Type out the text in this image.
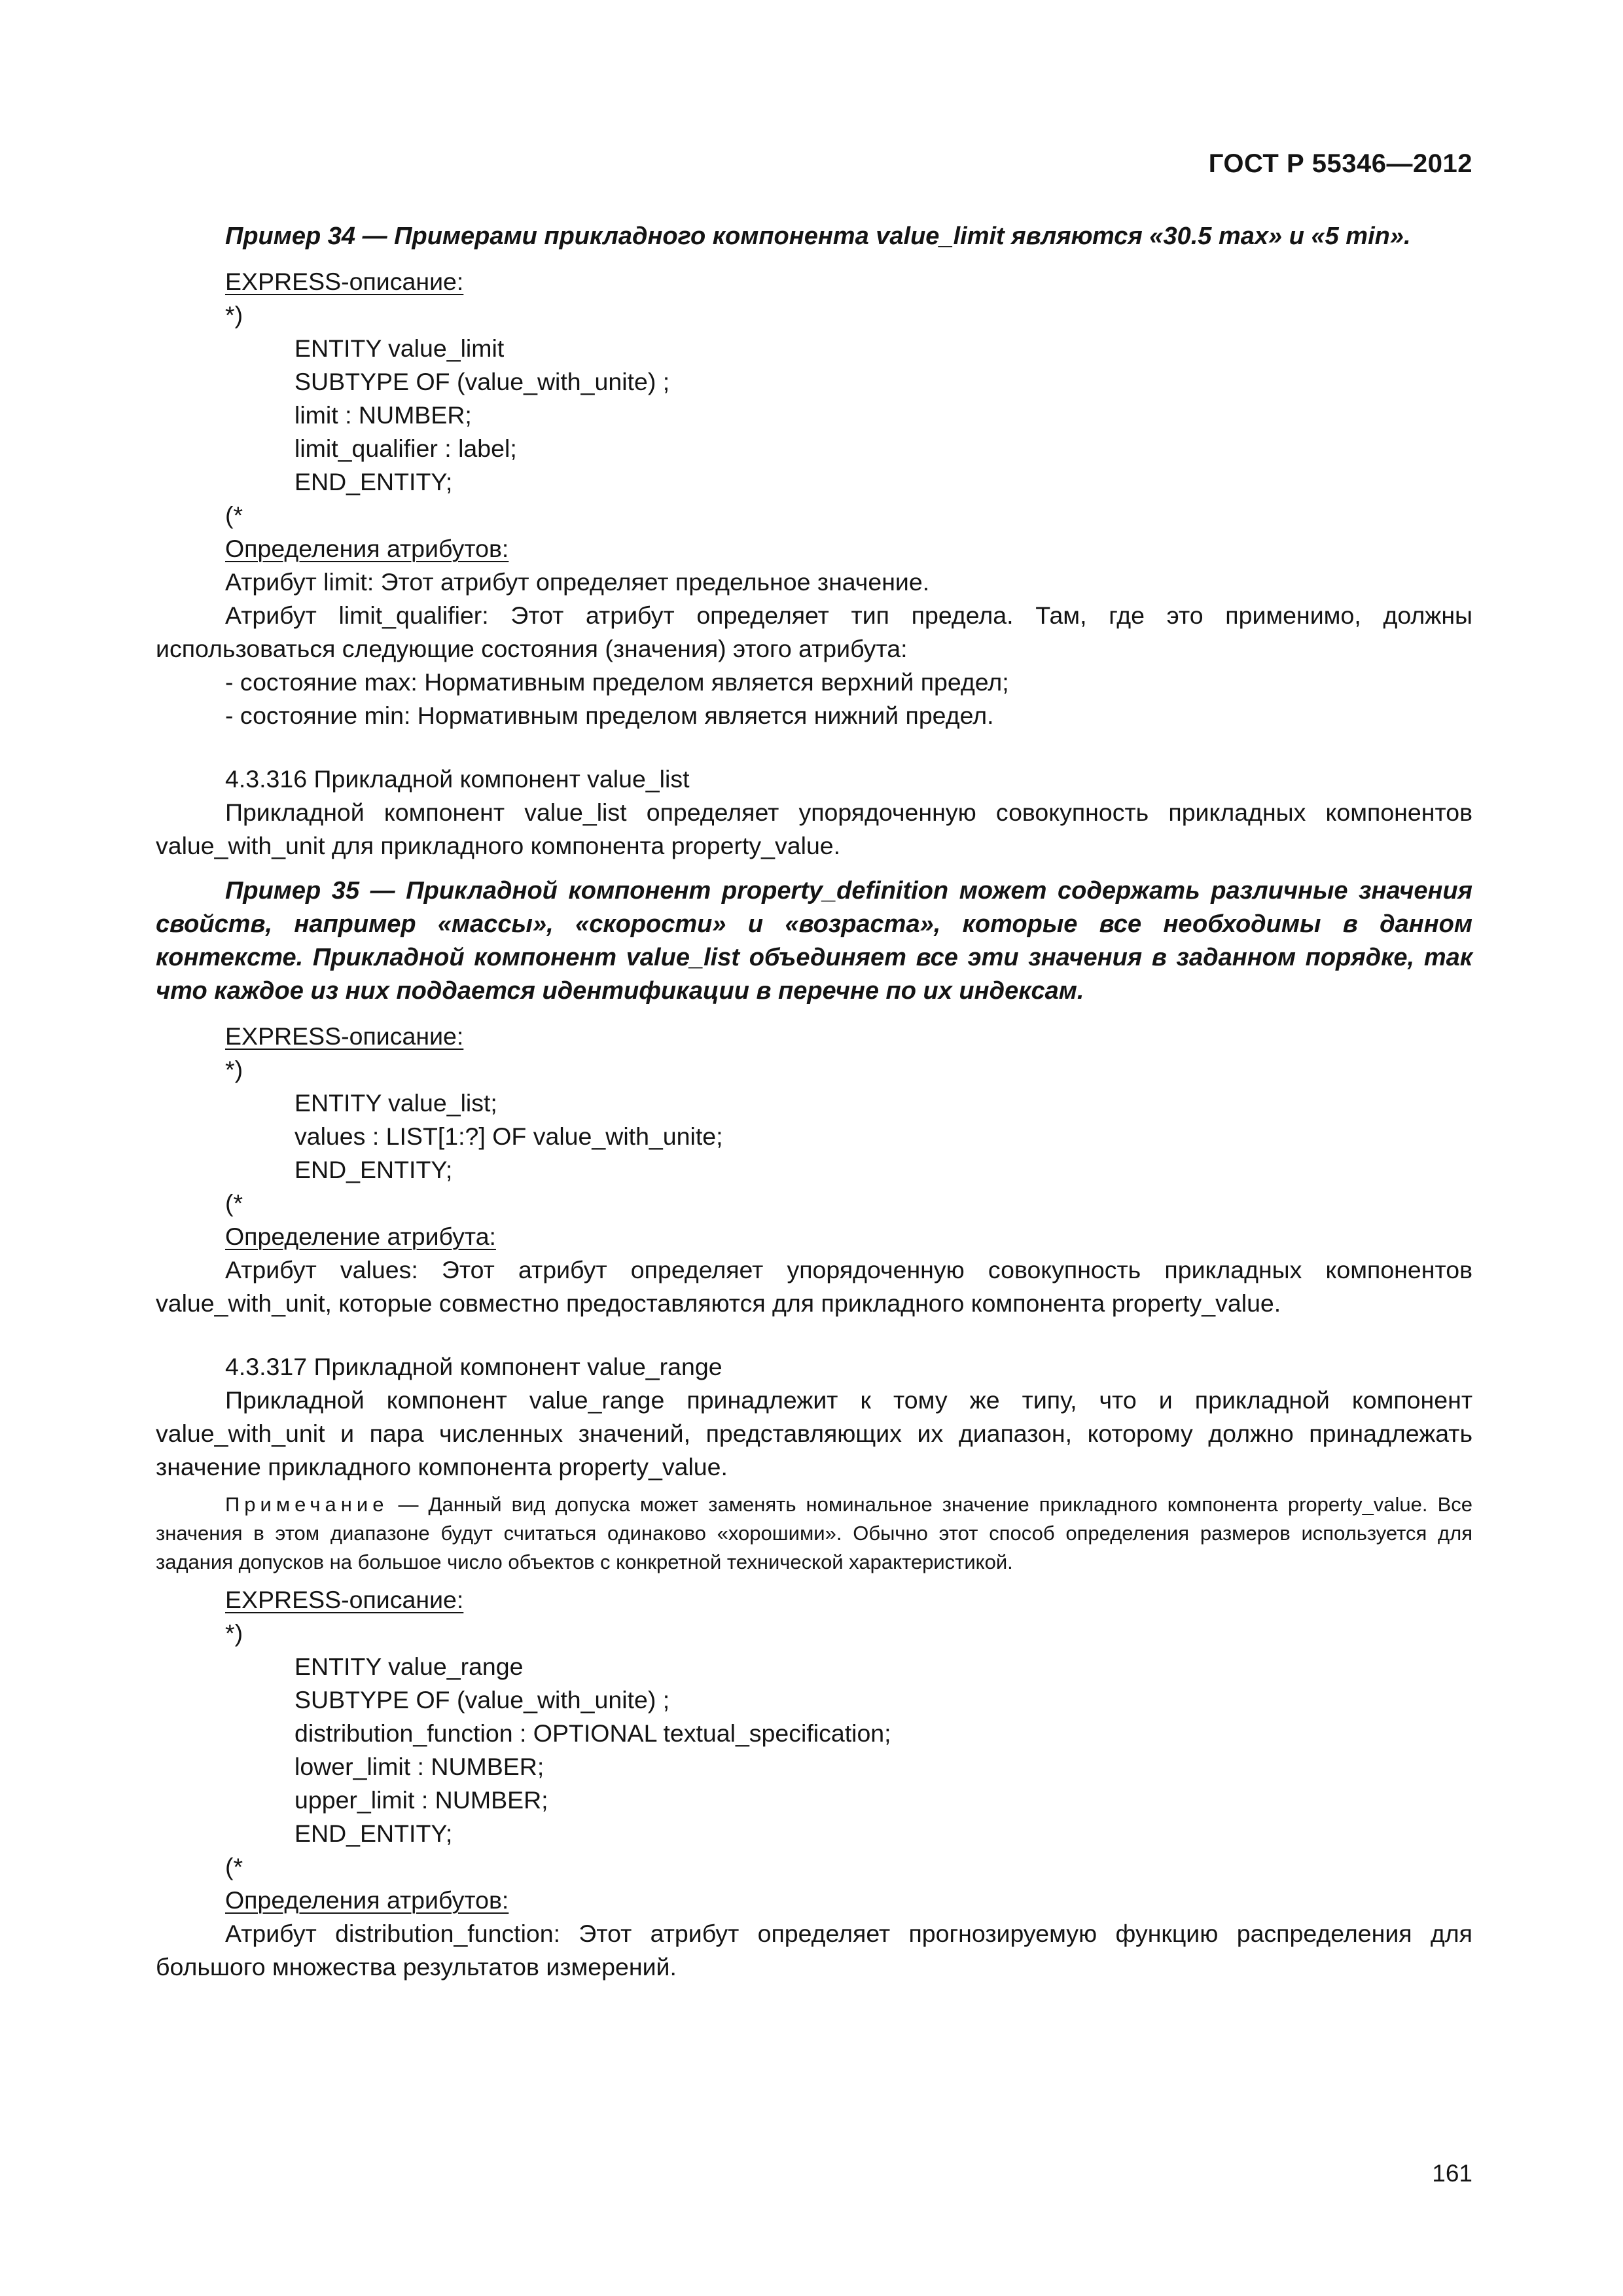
ГОСТ Р 55346—2012

Пример 34 — Примерами прикладного компонента value_limit являются «30.5 max» и «5 min».

EXPRESS-описание:

*)

ENTITY value_limit

SUBTYPE OF (value_with_unite) ;

limit : NUMBER;

limit_qualifier : label;

END_ENTITY;

(*

Определения атрибутов:

Атрибут limit: Этот атрибут определяет предельное значение.

Атрибут limit_qualifier: Этот атрибут определяет тип предела. Там, где это применимо, должны использоваться следующие состояния (значения) этого атрибута:

- состояние max: Нормативным пределом является верхний предел;

- состояние min: Нормативным пределом является нижний предел.

4.3.316 Прикладной компонент value_list

Прикладной компонент value_list определяет упорядоченную совокупность прикладных компонентов value_with_unit для прикладного компонента property_value.

Пример 35 — Прикладной компонент property_definition может содержать различные значения свойств, например «массы», «скорости» и «возраста», которые все необходимы в данном контексте. Прикладной компонент value_list объединяет все эти значения в заданном порядке, так что каждое из них поддается идентификации в перечне по их индексам.

EXPRESS-описание:

*)

ENTITY value_list;

values : LIST[1:?] OF value_with_unite;

END_ENTITY;

(*

Определение атрибута:

Атрибут values: Этот атрибут определяет упорядоченную совокупность прикладных компонентов value_with_unit, которые совместно предоставляются для прикладного компонента property_value.

4.3.317 Прикладной компонент value_range

Прикладной компонент value_range принадлежит к тому же типу, что и прикладной компонент value_with_unit и пара численных значений, представляющих их диапазон, которому должно принадлежать значение прикладного компонента property_value.

Примечание — Данный вид допуска может заменять номинальное значение прикладного компонента property_value. Все значения в этом диапазоне будут считаться одинаково «хорошими». Обычно этот способ определения размеров используется для задания допусков на большое число объектов с конкретной технической характеристикой.

EXPRESS-описание:

*)

ENTITY value_range

SUBTYPE OF (value_with_unite) ;

distribution_function : OPTIONAL textual_specification;

lower_limit : NUMBER;

upper_limit : NUMBER;

END_ENTITY;

(*

Определения атрибутов:

Атрибут distribution_function: Этот атрибут определяет прогнозируемую функцию распределения для большого множества результатов измерений.

161
